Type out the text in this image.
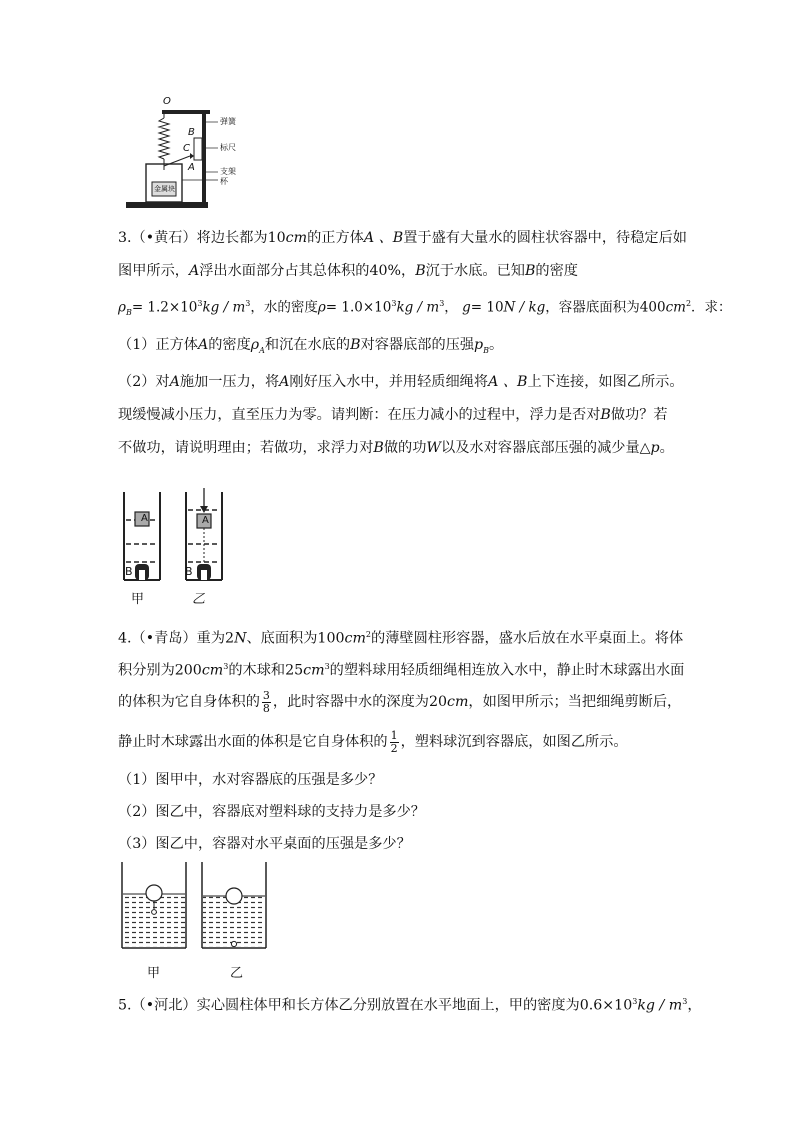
O
B
C
A
弹簧
标尺
支架
杯
金属块
3.（•黄石）将边长都为10cm的正方体A 、B置于盛有大量水的圆柱状容器中，待稳定后如
图甲所示，A浮出水面部分占其总体积的40%，B沉于水底。已知B的密度
$\rho_B= 1.2\times 10^3kg / m^3$，水的密度$\rho= 1.0\times 10^3kg / m^3$， g= 10N / kg，容器底面积为$400cm^2$．求：
（1）正方体A的密度$\rho_A$和沉在水底的B对容器底部的压强$p_B$。
（2）对A施加一压力，将A刚好压入水中，并用轻质细绳将A 、B上下连接，如图乙所示。
现缓慢减小压力，直至压力为零。请判断：在压力减小的过程中，浮力是否对B做功？若
不做功，请说明理由；若做功，求浮力对B做的功W以及水对容器底部压强的减少量△p。
A	A
B	B
甲	乙
4.（•青岛）重为2N、底面积为$100cm^2$的薄壁圆柱形容器，盛水后放在水平桌面上。将体
积分别为$200cm^3$的木球和$25cm^3$的塑料球用轻质细绳相连放入水中，静止时木球露出水面
的体积为它自身体积的 $\frac{3}{8}$ ，此时容器中水的深度为20cm，如图甲所示；当把细绳剪断后，
静止时木球露出水面的体积是它自身体积的 $\frac{1}{2}$ ，塑料球沉到容器底，如图乙所示。
（1）图甲中，水对容器底的压强是多少？
（2）图乙中，容器底对塑料球的支持力是多少？
（3）图乙中，容器对水平桌面的压强是多少？
甲	乙
5.（•河北）实心圆柱体甲和长方体乙分别放置在水平地面上，甲的密度为$0.6\times 10^3kg / m^3$，
